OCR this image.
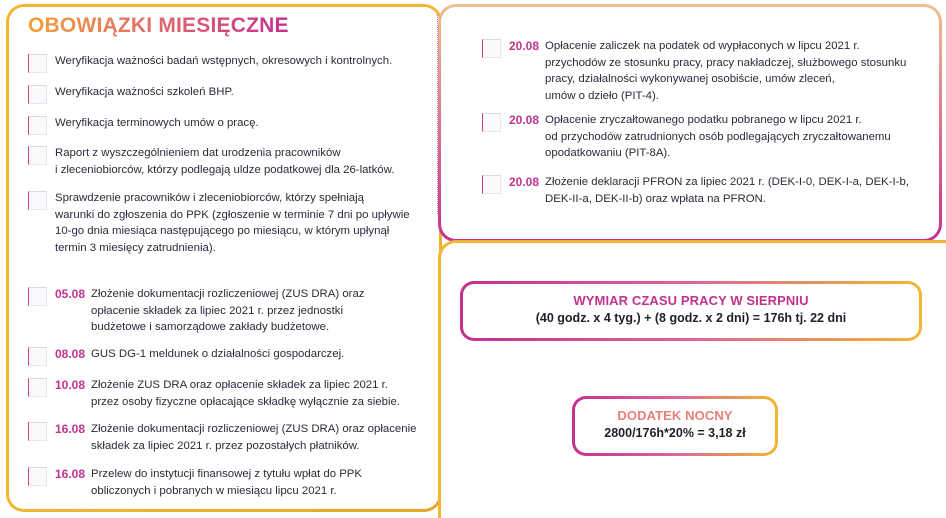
OBOWIĄZKI MIESIĘCZNE
Weryfikacja ważności badań wstępnych, okresowych i kontrolnych.
Weryfikacja ważności szkoleń BHP.
Weryfikacja terminowych umów o pracę.
Raport z wyszczególnieniem dat urodzenia pracowników
i zleceniobiorców, którzy podlegają uldze podatkowej dla 26-latków.
Sprawdzenie pracowników i zleceniobiorców, którzy spełniają
warunki do zgłoszenia do PPK (zgłoszenie w terminie 7 dni po upływie
10-go dnia miesiąca następującego po miesiącu, w którym upłynął
termin 3 miesięcy zatrudnienia).
05.08 Złożenie dokumentacji rozliczeniowej (ZUS DRA) oraz
opłacenie składek za lipiec 2021 r. przez jednostki
budżetowe i samorządowe zakłady budżetowe.
08.08 GUS DG-1 meldunek o działalności gospodarczej.
10.08 Złożenie ZUS DRA oraz opłacenie składek za lipiec 2021 r.
przez osoby fizyczne opłacające składkę wyłącznie za siebie.
16.08 Złożenie dokumentacji rozliczeniowej (ZUS DRA) oraz opłacenie
składek za lipiec 2021 r. przez pozostałych płatników.
16.08 Przelew do instytucji finansowej z tytułu wpłat do PPK
obliczonych i pobranych w miesiącu lipcu 2021 r.
20.08 Opłacenie zaliczek na podatek od wypłaconych w lipcu 2021 r.
przychodów ze stosunku pracy, pracy nakładczej, służbowego stosunku
pracy, działalności wykonywanej osobiście, umów zleceń,
umów o dzieło (PIT-4).
20.08 Opłacenie zryczałtowanego podatku pobranego w lipcu 2021 r.
od przychodów zatrudnionych osób podlegających zryczałtowanemu
opodatkowaniu (PIT-8A).
20.08 Złożenie deklaracji PFRON za lipiec 2021 r. (DEK-I-0, DEK-I-a, DEK-I-b,
DEK-II-a, DEK-II-b) oraz wpłata na PFRON.
WYMIAR CZASU PRACY W SIERPNIU
(40 godz. x 4 tyg.) + (8 godz. x 2 dni) = 176h tj. 22 dni
DODATEK NOCNY
2800/176h*20% = 3,18 zł
